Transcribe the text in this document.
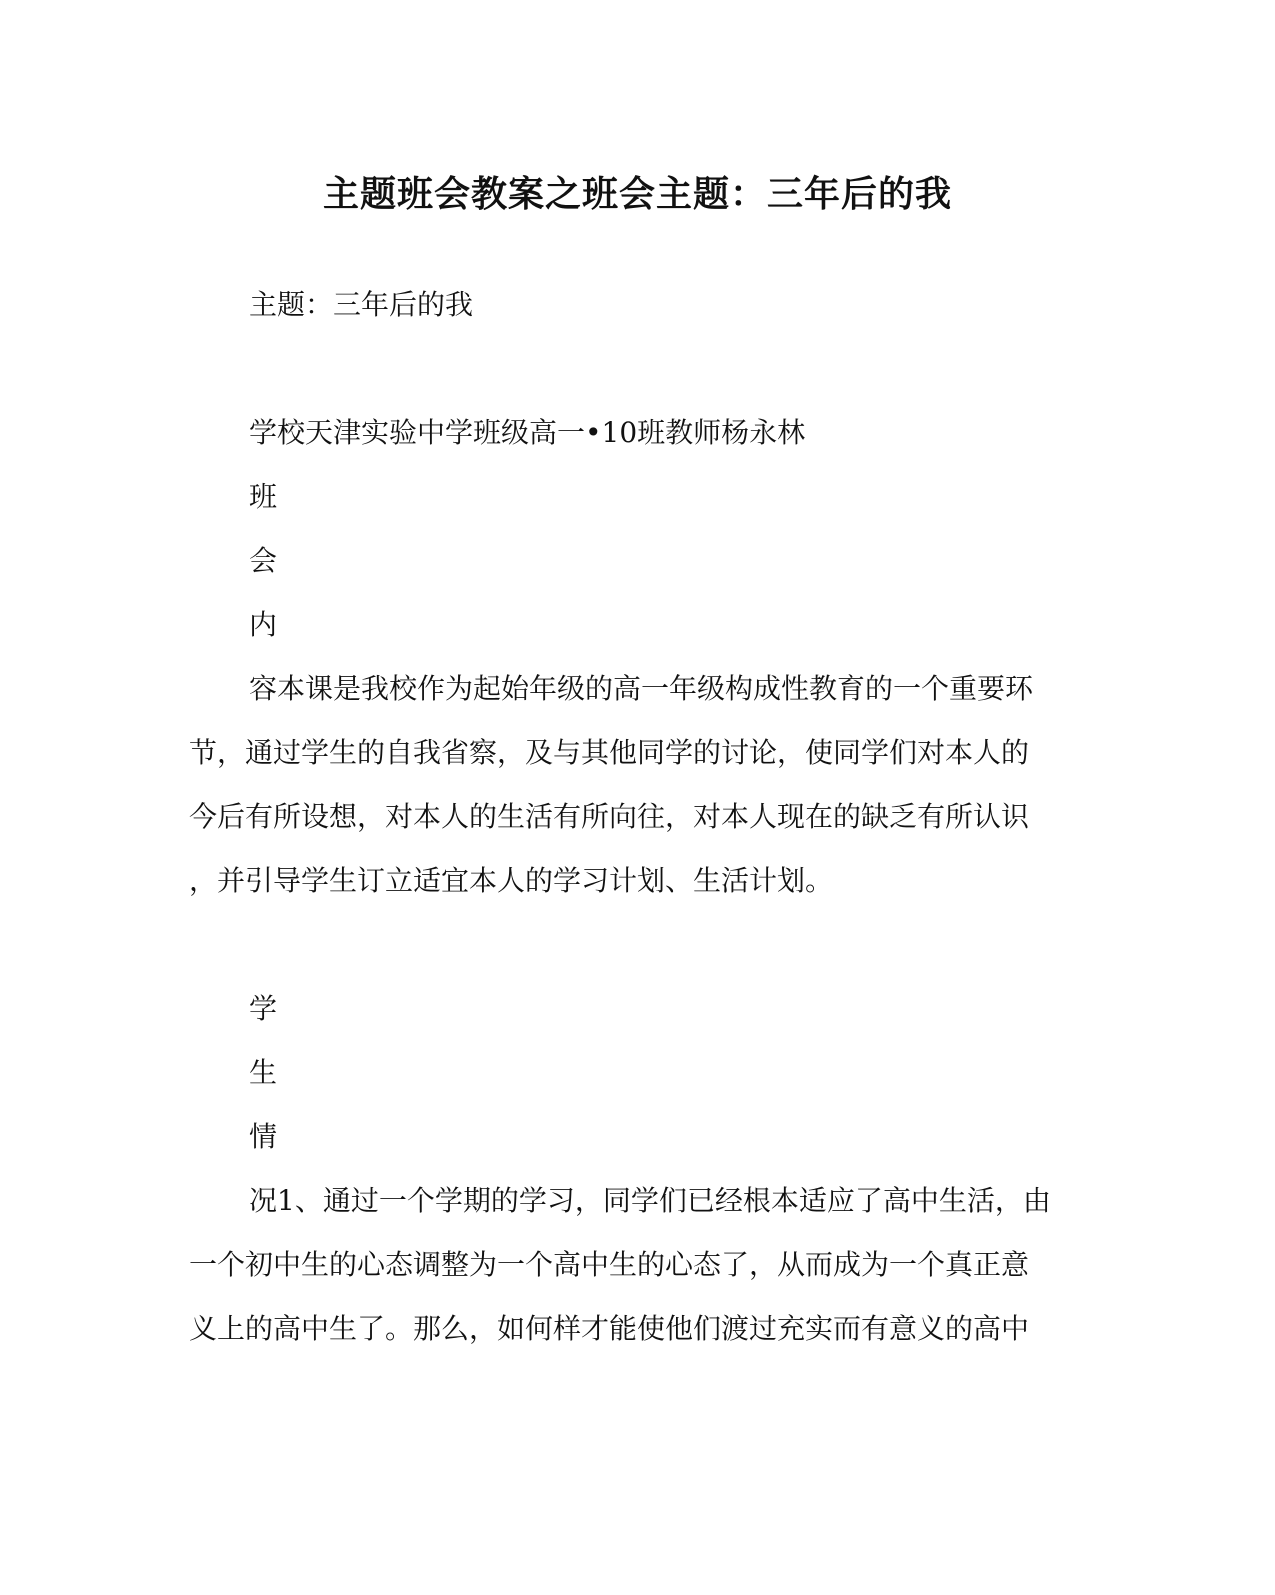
主题班会教案之班会主题：三年后的我
主题：三年后的我
学校天津实验中学班级高一•10班教师杨永林
班
会
内
容本课是我校作为起始年级的高一年级构成性教育的一个重要环
节，通过学生的自我省察，及与其他同学的讨论，使同学们对本人的
今后有所设想，对本人的生活有所向往，对本人现在的缺乏有所认识
，并引导学生订立适宜本人的学习计划、生活计划。
学
生
情
况1、通过一个学期的学习，同学们已经根本适应了高中生活，由
一个初中生的心态调整为一个高中生的心态了，从而成为一个真正意
义上的高中生了。那么，如何样才能使他们渡过充实而有意义的高中
